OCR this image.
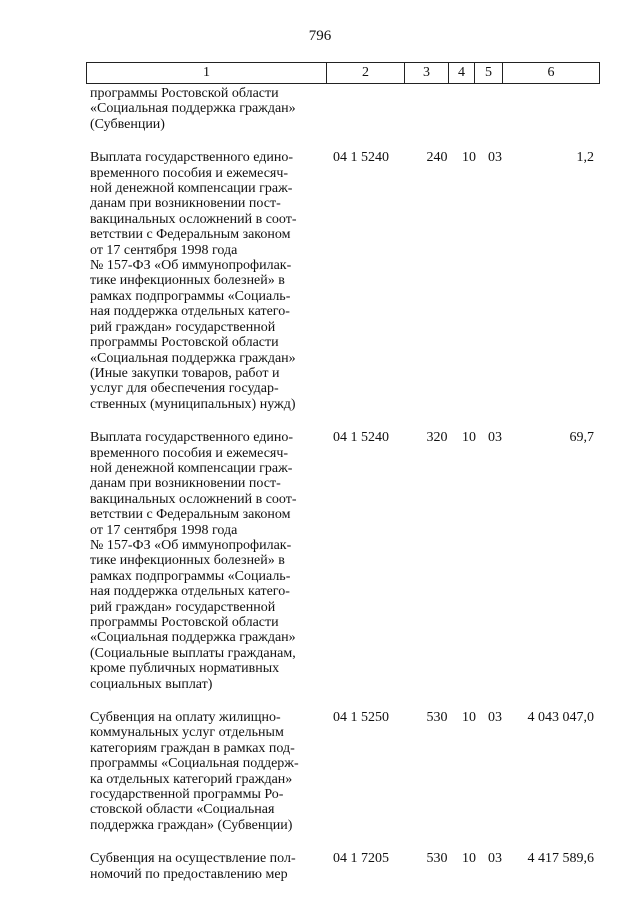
796
1	2	3	4	5	6
программы Ростовской области
«Социальная поддержка граждан»
(Субвенции)
Выплата государственного едино-
временного пособия и ежемесяч-
ной денежной компенсации граж-
данам при возникновении пост-
вакцинальных осложнений в соот-
ветствии с Федеральным законом
от 17 сентября 1998 года
№ 157-ФЗ «Об иммунопрофилак-
тике инфекционных болезней» в
рамках подпрограммы «Социаль-
ная поддержка отдельных катего-
рий граждан» государственной
программы Ростовской области
«Социальная поддержка граждан»
(Иные закупки товаров, работ и
услуг для обеспечения государ-
ственных (муниципальных) нужд)
04 1 5240	240	10 03	1,2
Выплата государственного едино-
временного пособия и ежемесяч-
ной денежной компенсации граж-
данам при возникновении пост-
вакцинальных осложнений в соот-
ветствии с Федеральным законом
от 17 сентября 1998 года
№ 157-ФЗ «Об иммунопрофилак-
тике инфекционных болезней» в
рамках подпрограммы «Социаль-
ная поддержка отдельных катего-
рий граждан» государственной
программы Ростовской области
«Социальная поддержка граждан»
(Социальные выплаты гражданам,
кроме публичных нормативных
социальных выплат)
04 1 5240	320	10 03	69,7
Субвенция на оплату жилищно-
коммунальных услуг отдельным
категориям граждан в рамках под-
программы «Социальная поддерж-
ка отдельных категорий граждан»
государственной программы Ро-
стовской области «Социальная
поддержка граждан» (Субвенции)
04 1 5250	530	10 03	4 043 047,0
Субвенция на осуществление пол-
номочий по предоставлению мер
04 1 7205	530	10 03	4 417 589,6
